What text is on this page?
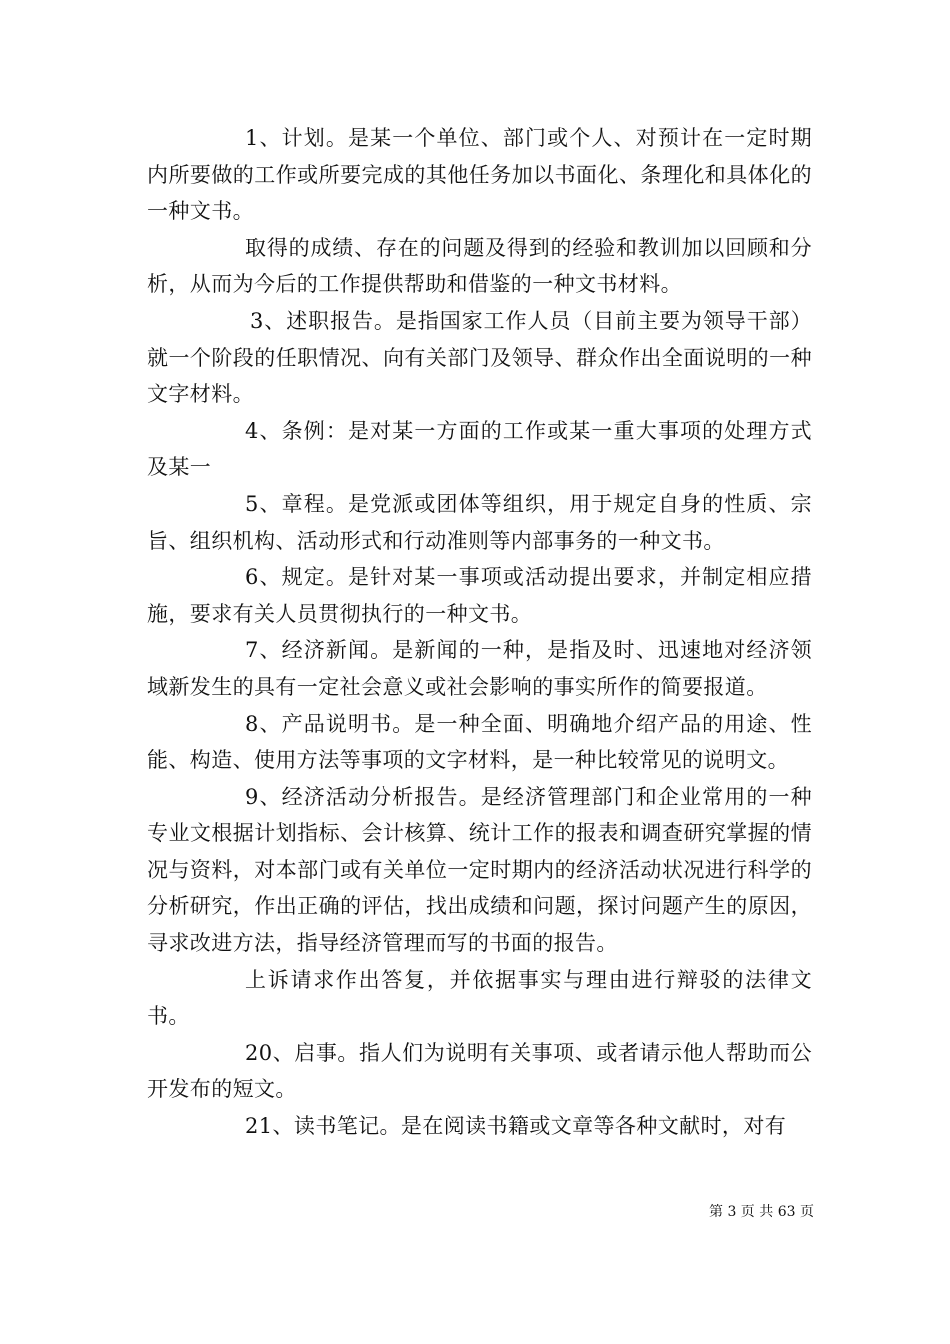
1、计划。是某一个单位、部门或个人、对预计在一定时期内所要做的工作或所要完成的其他任务加以书面化、条理化和具体化的一种文书。

取得的成绩、存在的问题及得到的经验和教训加以回顾和分析，从而为今后的工作提供帮助和借鉴的一种文书材料。

3、述职报告。是指国家工作人员（目前主要为领导干部）就一个阶段的任职情况、向有关部门及领导、群众作出全面说明的一种文字材料。

4、条例：是对某一方面的工作或某一重大事项的处理方式及某一

5、章程。是党派或团体等组织，用于规定自身的性质、宗旨、组织机构、活动形式和行动准则等内部事务的一种文书。

6、规定。是针对某一事项或活动提出要求，并制定相应措施，要求有关人员贯彻执行的一种文书。

7、经济新闻。是新闻的一种，是指及时、迅速地对经济领域新发生的具有一定社会意义或社会影响的事实所作的简要报道。

8、产品说明书。是一种全面、明确地介绍产品的用途、性能、构造、使用方法等事项的文字材料，是一种比较常见的说明文。

9、经济活动分析报告。是经济管理部门和企业常用的一种专业文根据计划指标、会计核算、统计工作的报表和调查研究掌握的情况与资料，对本部门或有关单位一定时期内的经济活动状况进行科学的分析研究，作出正确的评估，找出成绩和问题，探讨问题产生的原因，寻求改进方法，指导经济管理而写的书面的报告。

上诉请求作出答复，并依据事实与理由进行辩驳的法律文书。

20、启事。指人们为说明有关事项、或者请示他人帮助而公开发布的短文。

21、读书笔记。是在阅读书籍或文章等各种文献时，对有

第 3 页 共 63 页
